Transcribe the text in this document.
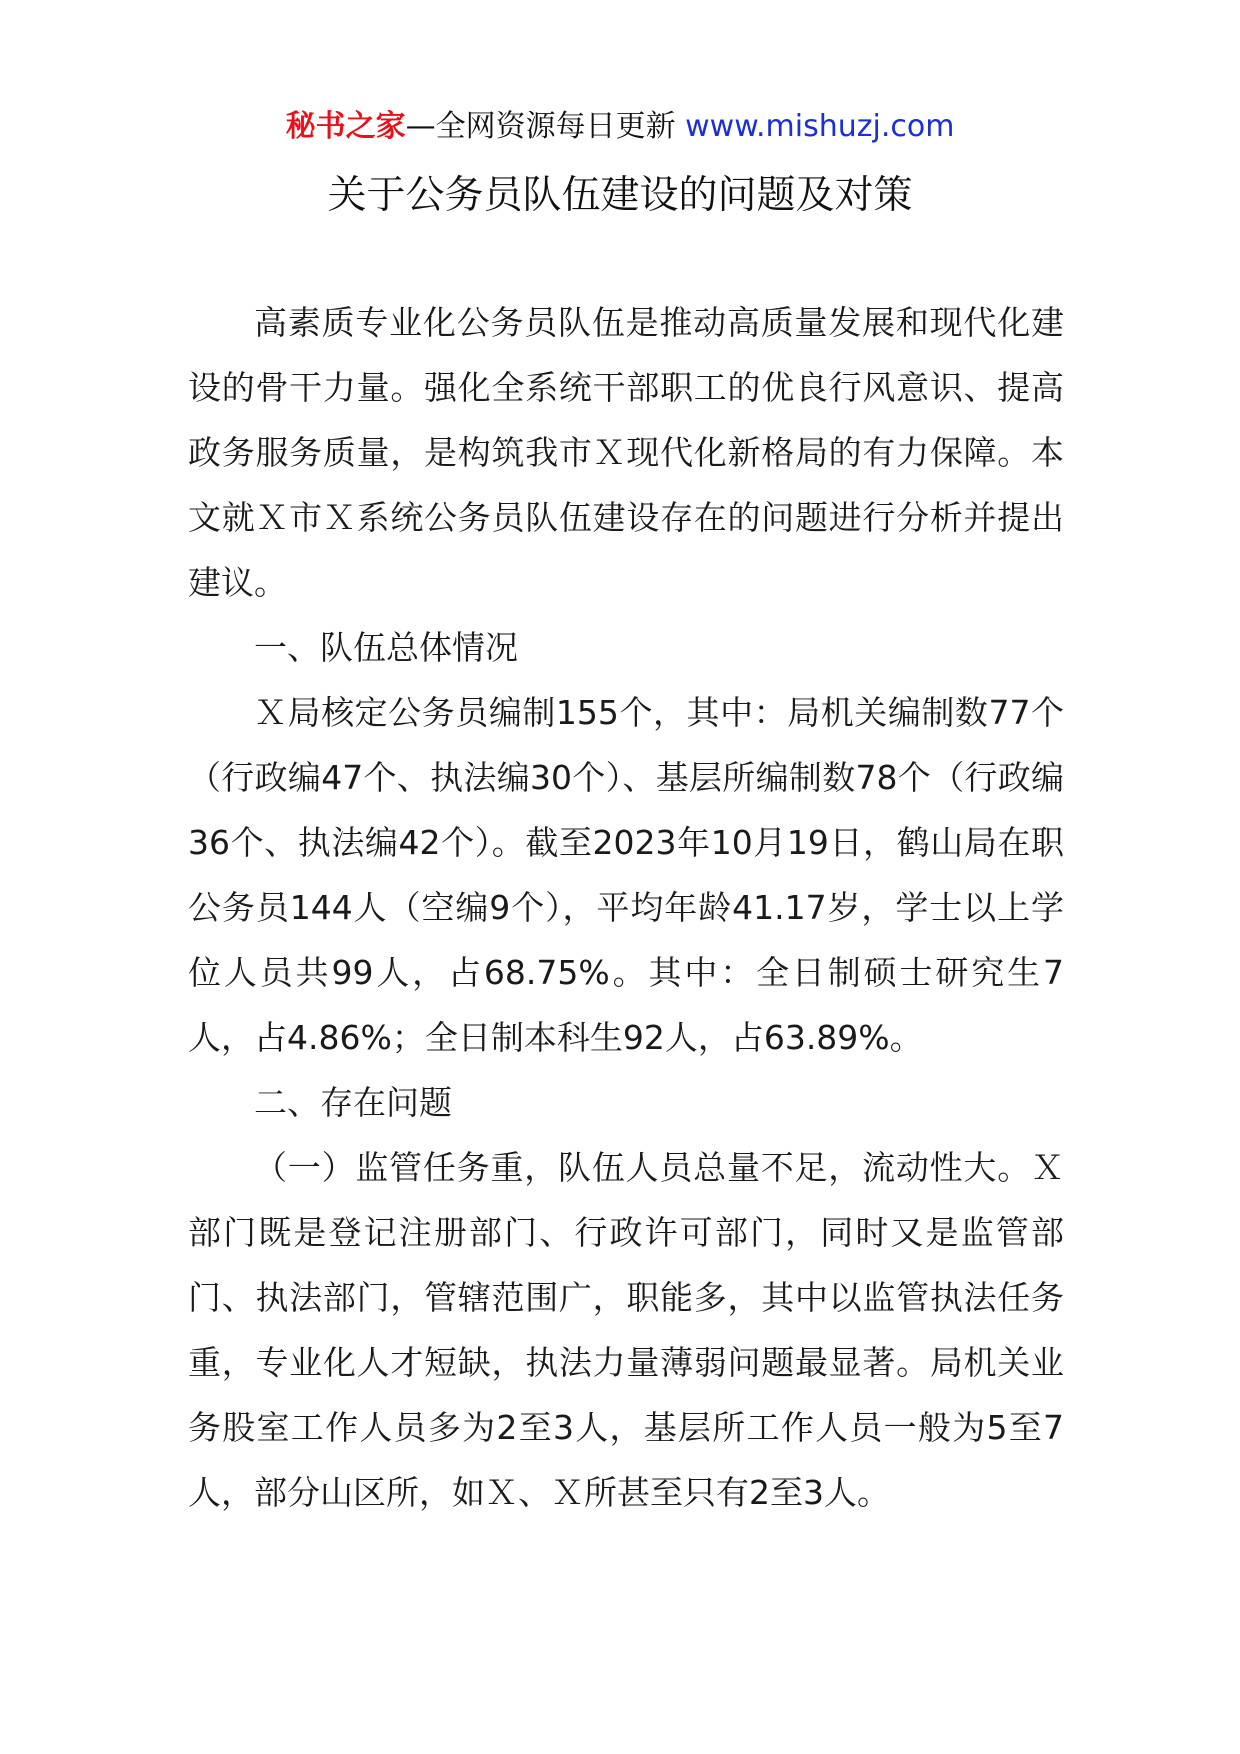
秘书之家—全网资源每日更新 www.mishuzj.com
关于公务员队伍建设的问题及对策

高素质专业化公务员队伍是推动高质量发展和现代化建设的骨干力量。强化全系统干部职工的优良行风意识、提高政务服务质量，是构筑我市Ｘ现代化新格局的有力保障。本文就Ｘ市Ｘ系统公务员队伍建设存在的问题进行分析并提出建议。

一、队伍总体情况

Ｘ局核定公务员编制155个，其中：局机关编制数77个（行政编47个、执法编30个）、基层所编制数78个（行政编36个、执法编42个）。截至2023年10月19日，鹤山局在职公务员144人（空编9个），平均年龄41.17岁，学士以上学位人员共99人，占68.75%。其中：全日制硕士研究生7人，占4.86%；全日制本科生92人，占63.89%。

二、存在问题

（一）监管任务重，队伍人员总量不足，流动性大。Ｘ部门既是登记注册部门、行政许可部门，同时又是监管部门、执法部门，管辖范围广，职能多，其中以监管执法任务重，专业化人才短缺，执法力量薄弱问题最显著。局机关业务股室工作人员多为2至3人，基层所工作人员一般为5至7人，部分山区所，如Ｘ、Ｘ所甚至只有2至3人。
